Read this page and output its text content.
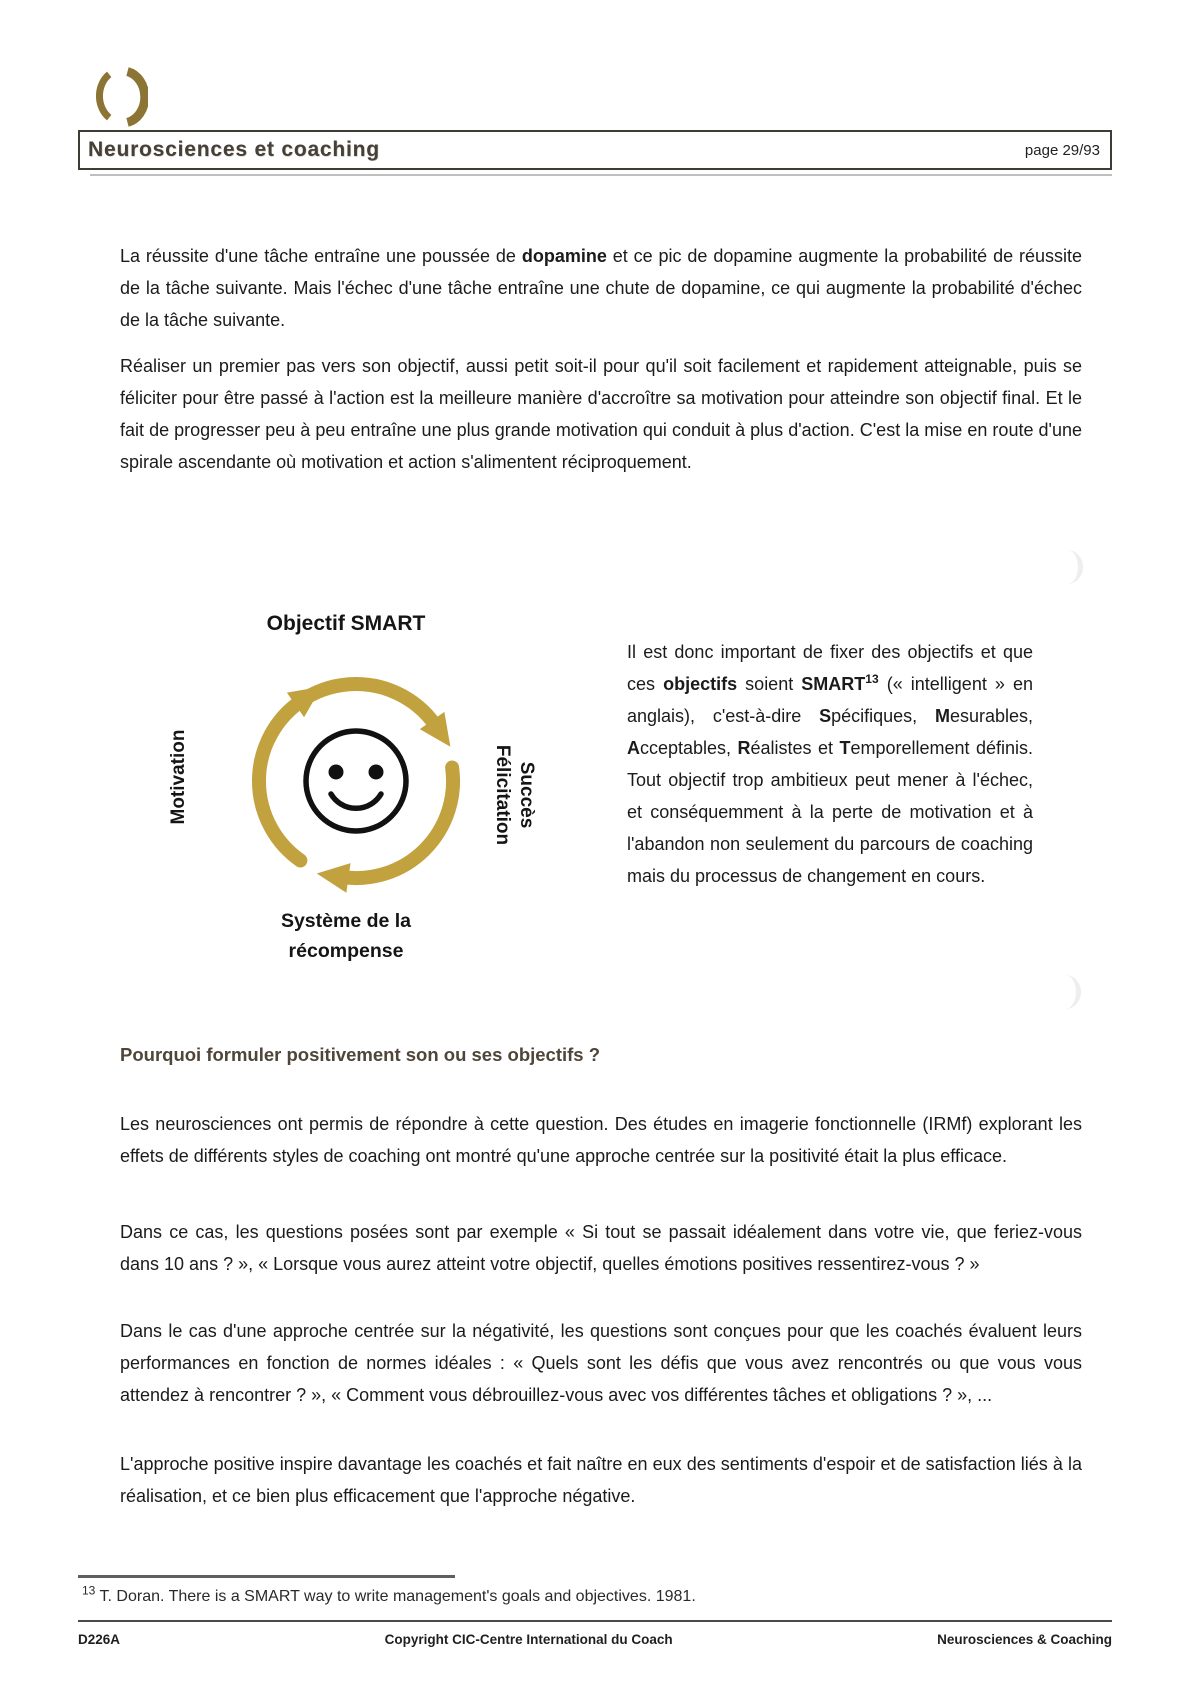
Neurosciences et coaching	page 29/93

La réussite d'une tâche entraîne une poussée de dopamine et ce pic de dopamine augmente la probabilité de réussite de la tâche suivante. Mais l'échec d'une tâche entraîne une chute de dopamine, ce qui augmente la probabilité d'échec de la tâche suivante.

Réaliser un premier pas vers son objectif, aussi petit soit-il pour qu'il soit facilement et rapidement atteignable, puis se féliciter pour être passé à l'action est la meilleure manière d'accroître sa motivation pour atteindre son objectif final. Et le fait de progresser peu à peu entraîne une plus grande motivation qui conduit à plus d'action. C'est la mise en route d'une spirale ascendante où motivation et action s'alimentent réciproquement.

Objectif SMART
Motivation	Succès
Félicitation
Système de la
récompense
Il est donc important de fixer des objectifs et que ces objectifs soient SMART$^{13}$ (« intelligent » en anglais), c'est-à-dire Spécifiques, Mesurables, Acceptables, Réalistes et Temporellement définis. Tout objectif trop ambitieux peut mener à l'échec, et conséquemment à la perte de motivation et à l'abandon non seulement du parcours de coaching mais du processus de changement en cours.
Pourquoi formuler positivement son ou ses objectifs ?

Les neurosciences ont permis de répondre à cette question. Des études en imagerie fonctionnelle (IRMf) explorant les effets de différents styles de coaching ont montré qu'une approche centrée sur la positivité était la plus efficace.

Dans ce cas, les questions posées sont par exemple « Si tout se passait idéalement dans votre vie, que feriez-vous dans 10 ans ? », « Lorsque vous aurez atteint votre objectif, quelles émotions positives ressentirez-vous ? »

Dans le cas d'une approche centrée sur la négativité, les questions sont conçues pour que les coachés évaluent leurs performances en fonction de normes idéales : « Quels sont les défis que vous avez rencontrés ou que vous vous attendez à rencontrer ? », « Comment vous débrouillez-vous avec vos différentes tâches et obligations ? », ...

L'approche positive inspire davantage les coachés et fait naître en eux des sentiments d'espoir et de satisfaction liés à la réalisation, et ce bien plus efficacement que l'approche négative.

$^{13}$ T. Doran. There is a SMART way to write management's goals and objectives. 1981.
D226A	Copyright CIC-Centre International du Coach	Neurosciences & Coaching
